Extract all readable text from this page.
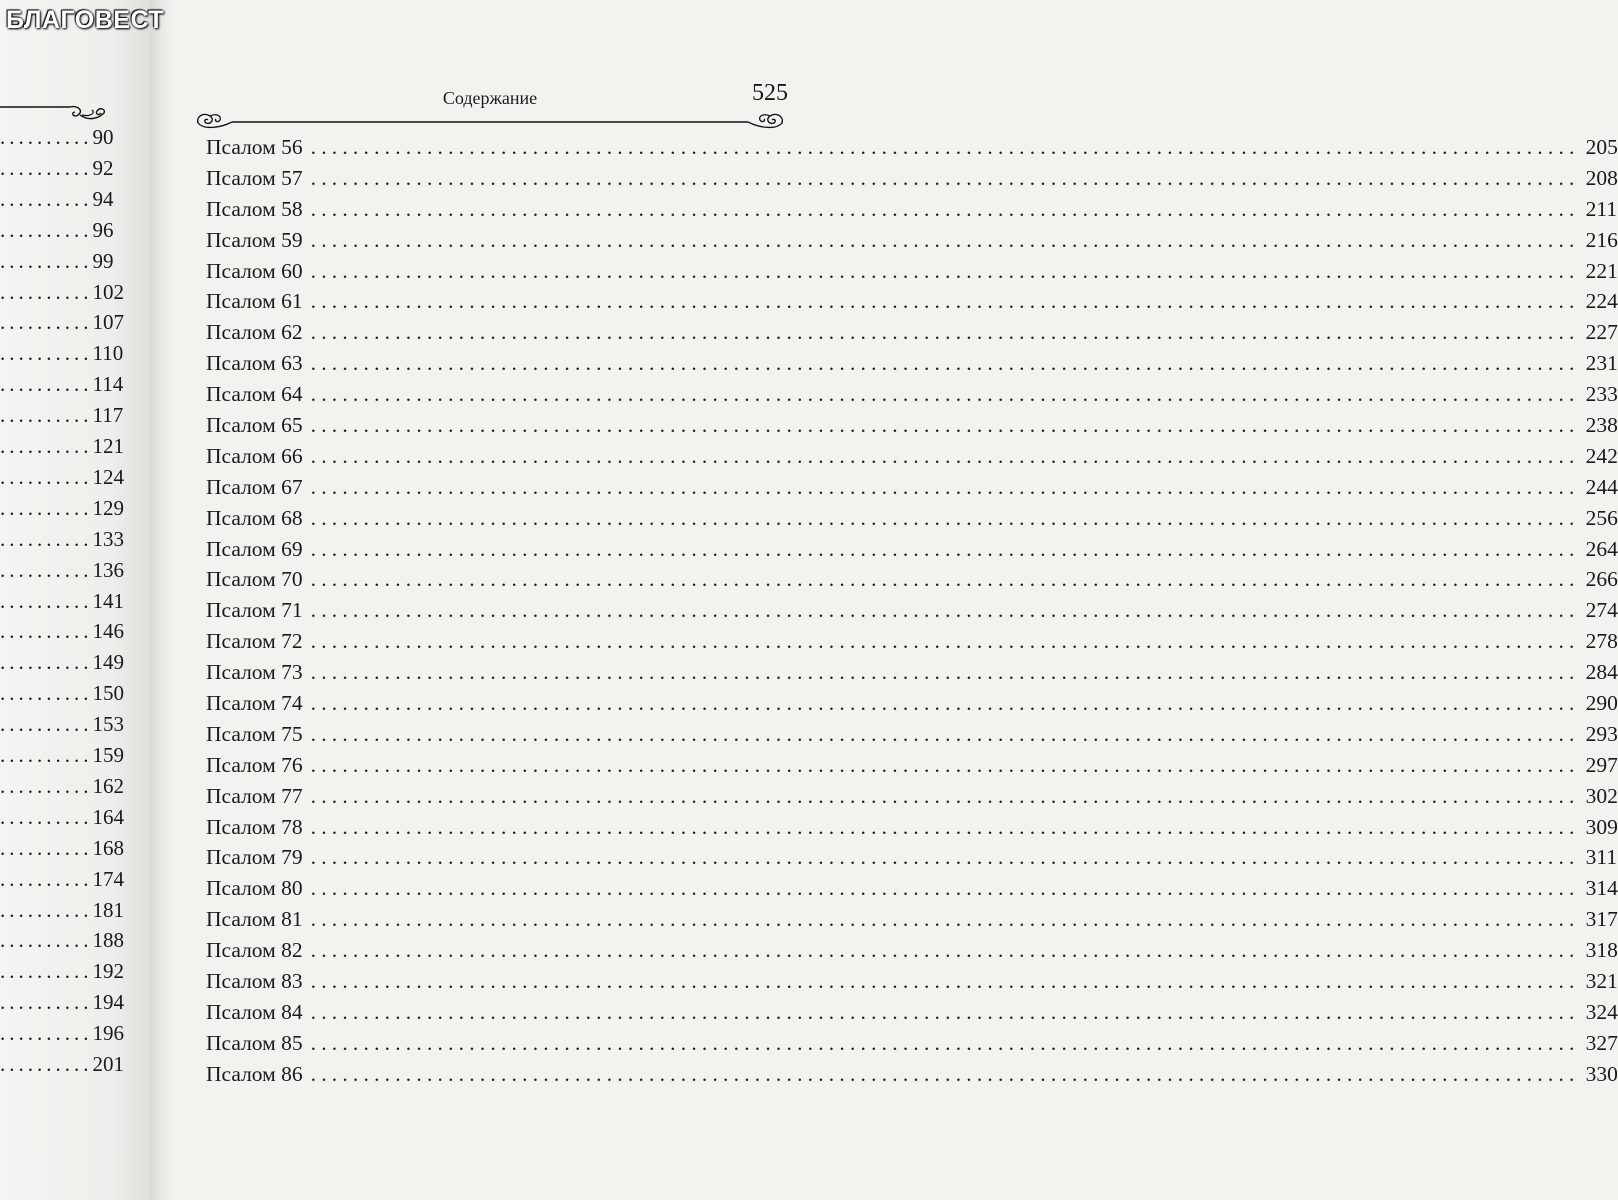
..........90
..........92
..........94
..........96
..........99
..........102
..........107
..........110
..........114
..........117
..........121
..........124
..........129
..........133
..........136
..........141
..........146
..........149
..........150
..........153
..........159
..........162
..........164
..........168
..........174
..........181
..........188
..........192
..........194
..........196
..........201
БЛАГОВЕСТ
Содержание	525
Псалом 56 ........................................................................................................................ 205
Псалом 57 ........................................................................................................................ 208
Псалом 58 ........................................................................................................................ 211
Псалом 59 ........................................................................................................................ 216
Псалом 60 ........................................................................................................................ 221
Псалом 61 ........................................................................................................................ 224
Псалом 62 ........................................................................................................................ 227
Псалом 63 ........................................................................................................................ 231
Псалом 64 ........................................................................................................................ 233
Псалом 65 ........................................................................................................................ 238
Псалом 66 ........................................................................................................................ 242
Псалом 67 ........................................................................................................................ 244
Псалом 68 ........................................................................................................................ 256
Псалом 69 ........................................................................................................................ 264
Псалом 70 ........................................................................................................................ 266
Псалом 71 ........................................................................................................................ 274
Псалом 72 ........................................................................................................................ 278
Псалом 73 ........................................................................................................................ 284
Псалом 74 ........................................................................................................................ 290
Псалом 75 ........................................................................................................................ 293
Псалом 76 ........................................................................................................................ 297
Псалом 77 ........................................................................................................................ 302
Псалом 78 ........................................................................................................................ 309
Псалом 79 ........................................................................................................................ 311
Псалом 80 ........................................................................................................................ 314
Псалом 81 ........................................................................................................................ 317
Псалом 82 ........................................................................................................................ 318
Псалом 83 ........................................................................................................................ 321
Псалом 84 ........................................................................................................................ 324
Псалом 85 ........................................................................................................................ 327
Псалом 86 ........................................................................................................................ 330
